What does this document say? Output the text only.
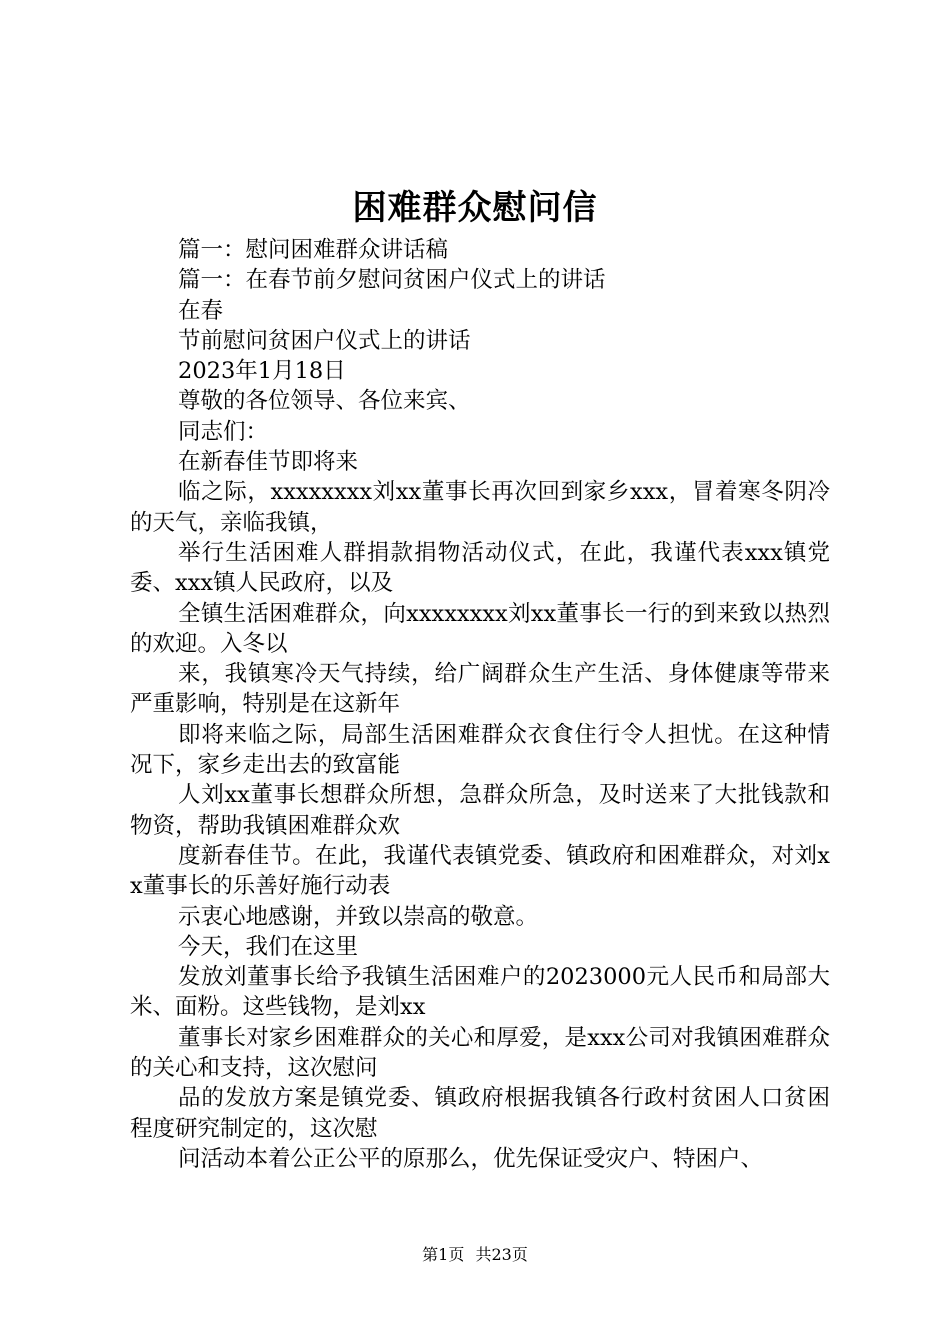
困难群众慰问信

篇一：慰问困难群众讲话稿

篇一：在春节前夕慰问贫困户仪式上的讲话

在春

节前慰问贫困户仪式上的讲话

2023年1月18日

尊敬的各位领导、各位来宾、

同志们：

在新春佳节即将来

临之际，xxxxxxxx刘xx董事长再次回到家乡xxx，冒着寒冬阴冷的天气，亲临我镇，

举行生活困难人群捐款捐物活动仪式，在此，我谨代表xxx镇党委、xxx镇人民政府，以及

全镇生活困难群众，向xxxxxxxx刘xx董事长一行的到来致以热烈的欢迎。入冬以

来，我镇寒冷天气持续，给广阔群众生产生活、身体健康等带来严重影响，特别是在这新年

即将来临之际，局部生活困难群众衣食住行令人担忧。在这种情况下，家乡走出去的致富能

人刘xx董事长想群众所想，急群众所急，及时送来了大批钱款和物资，帮助我镇困难群众欢

度新春佳节。在此，我谨代表镇党委、镇政府和困难群众，对刘xx董事长的乐善好施行动表

示衷心地感谢，并致以崇高的敬意。

今天，我们在这里

发放刘董事长给予我镇生活困难户的2023000元人民币和局部大米、面粉。这些钱物，是刘xx

董事长对家乡困难群众的关心和厚爱，是xxx公司对我镇困难群众的关心和支持，这次慰问

品的发放方案是镇党委、镇政府根据我镇各行政村贫困人口贫困程度研究制定的，这次慰

问活动本着公正公平的原那么，优先保证受灾户、特困户、

第1页 共23页
